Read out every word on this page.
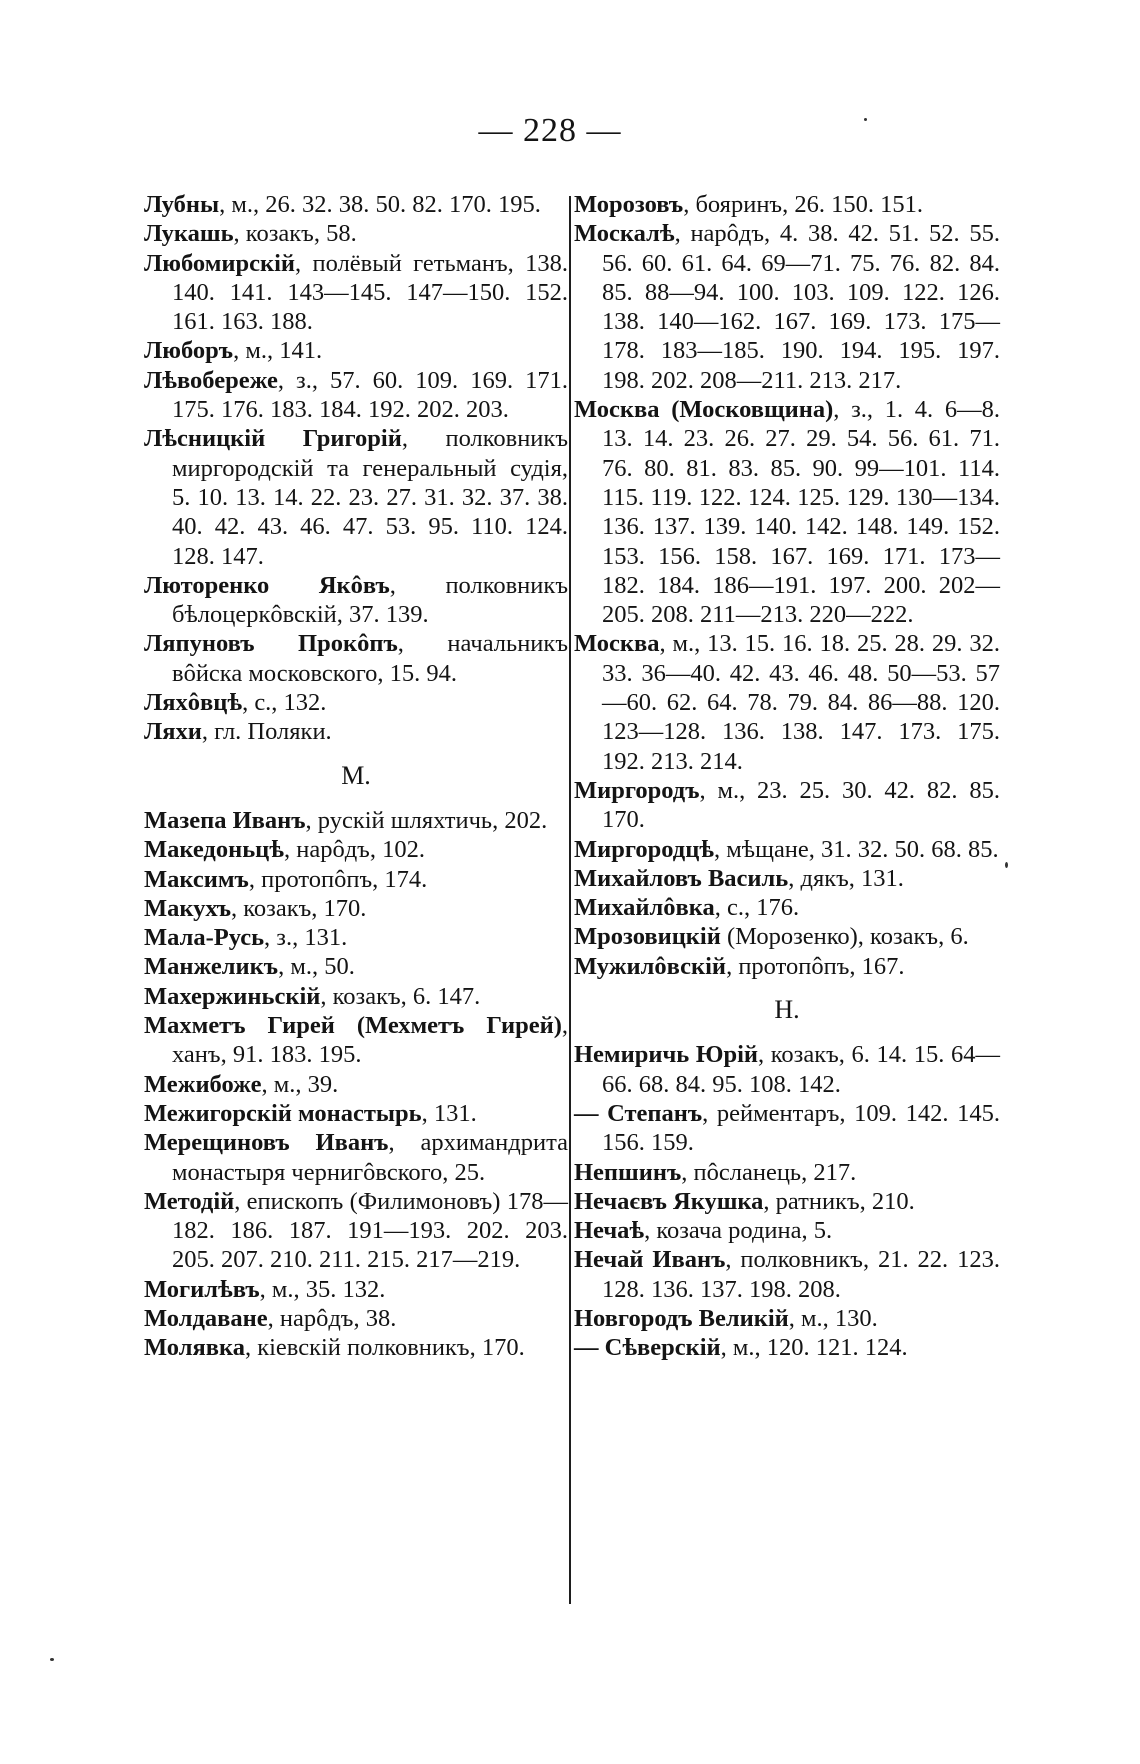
— 228 —
Лубны, м., 26. 32. 38. 50. 82. 170. 195.
Лукашь, козакъ, 58.
Любомирскій, полёвый гетьманъ, 138. 140. 141. 143—145. 147—150. 152. 161. 163. 188.
Люборъ, м., 141.
Лѣвобереже, з., 57. 60. 109. 169. 171. 175. 176. 183. 184. 192. 202. 203.
Лѣсницкій Григорій, полковникъ миргородскій та генеральный судія, 5. 10. 13. 14. 22. 23. 27. 31. 32. 37. 38. 40. 42. 43. 46. 47. 53. 95. 110. 124. 128. 147.
Люторенко Якôвъ, полковникъ бѣлоцеркôвскій, 37. 139.
Ляпуновъ Прокôпъ, начальникъ вôйска московского, 15. 94.
Ляхôвцѣ, с., 132.
Ляхи, гл. Поляки.
М.
Мазепа Иванъ, рускій шляхтичь, 202.
Македоньцѣ, нарôдъ, 102.
Максимъ, протопôпъ, 174.
Макухъ, козакъ, 170.
Мала-Русь, з., 131.
Манжеликъ, м., 50.
Махержиньскій, козакъ, 6. 147.
Махметъ Гирей (Мехметъ Гирей), ханъ, 91. 183. 195.
Межибоже, м., 39.
Межигорскій монастырь, 131.
Мерещиновъ Иванъ, архимандрита монастыря чернигôвского, 25.
Методій, епископъ (Филимоновъ) 178—182. 186. 187. 191—193. 202. 203. 205. 207. 210. 211. 215. 217—219.
Могилѣвъ, м., 35. 132.
Молдаване, нарôдъ, 38.
Молявка, кіевскій полковникъ, 170.
Морозовъ, бояринъ, 26. 150. 151.
Москалѣ, нарôдъ, 4. 38. 42. 51. 52. 55. 56. 60. 61. 64. 69—71. 75. 76. 82. 84. 85. 88—94. 100. 103. 109. 122. 126. 138. 140—162. 167. 169. 173. 175—178. 183—185. 190. 194. 195. 197. 198. 202. 208—211. 213. 217.
Москва (Московщина), з., 1. 4. 6—8. 13. 14. 23. 26. 27. 29. 54. 56. 61. 71. 76. 80. 81. 83. 85. 90. 99—101. 114. 115. 119. 122. 124. 125. 129. 130—134. 136. 137. 139. 140. 142. 148. 149. 152. 153. 156. 158. 167. 169. 171. 173—182. 184. 186—191. 197. 200. 202—205. 208. 211—213. 220—222.
Москва, м., 13. 15. 16. 18. 25. 28. 29. 32. 33. 36—40. 42. 43. 46. 48. 50—53. 57—60. 62. 64. 78. 79. 84. 86—88. 120. 123—128. 136. 138. 147. 173. 175. 192. 213. 214.
Миргородъ, м., 23. 25. 30. 42. 82. 85. 170.
Миргородцѣ, мѣщане, 31. 32. 50. 68. 85.
Михайловъ Василь, дякъ, 131.
Михайлôвка, с., 176.
Мрозовицкій (Морозенко), козакъ, 6.
Мужилôвскій, протопôпъ, 167.
Н.
Немиричь Юрій, козакъ, 6. 14. 15. 64—66. 68. 84. 95. 108. 142.
— Степанъ, рейментаръ, 109. 142. 145. 156. 159.
Непшинъ, пôсланець, 217.
Нечаєвъ Якушка, ратникъ, 210.
Нечаѣ, козача родина, 5.
Нечай Иванъ, полковникъ, 21. 22. 123. 128. 136. 137. 198. 208.
Новгородъ Великій, м., 130.
— Сѣверскій, м., 120. 121. 124.
